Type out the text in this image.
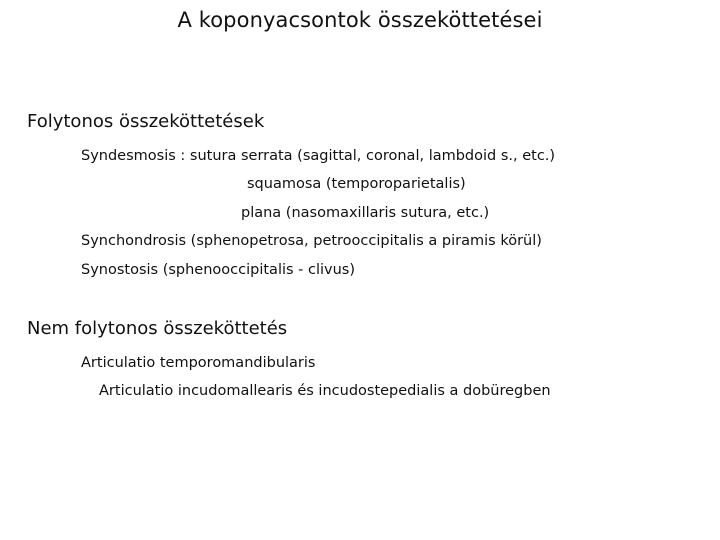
A koponyacsontok összeköttetései
Folytonos összeköttetések
Syndesmosis : sutura serrata (sagittal, coronal, lambdoid s., etc.)
squamosa (temporoparietalis)
plana (nasomaxillaris sutura, etc.)
Synchondrosis (sphenopetrosa, petrooccipitalis a piramis körül)
Synostosis (sphenooccipitalis - clivus)
Nem folytonos összeköttetés
Articulatio temporomandibularis
Articulatio incudomallearis és incudostepedialis a dobüregben
